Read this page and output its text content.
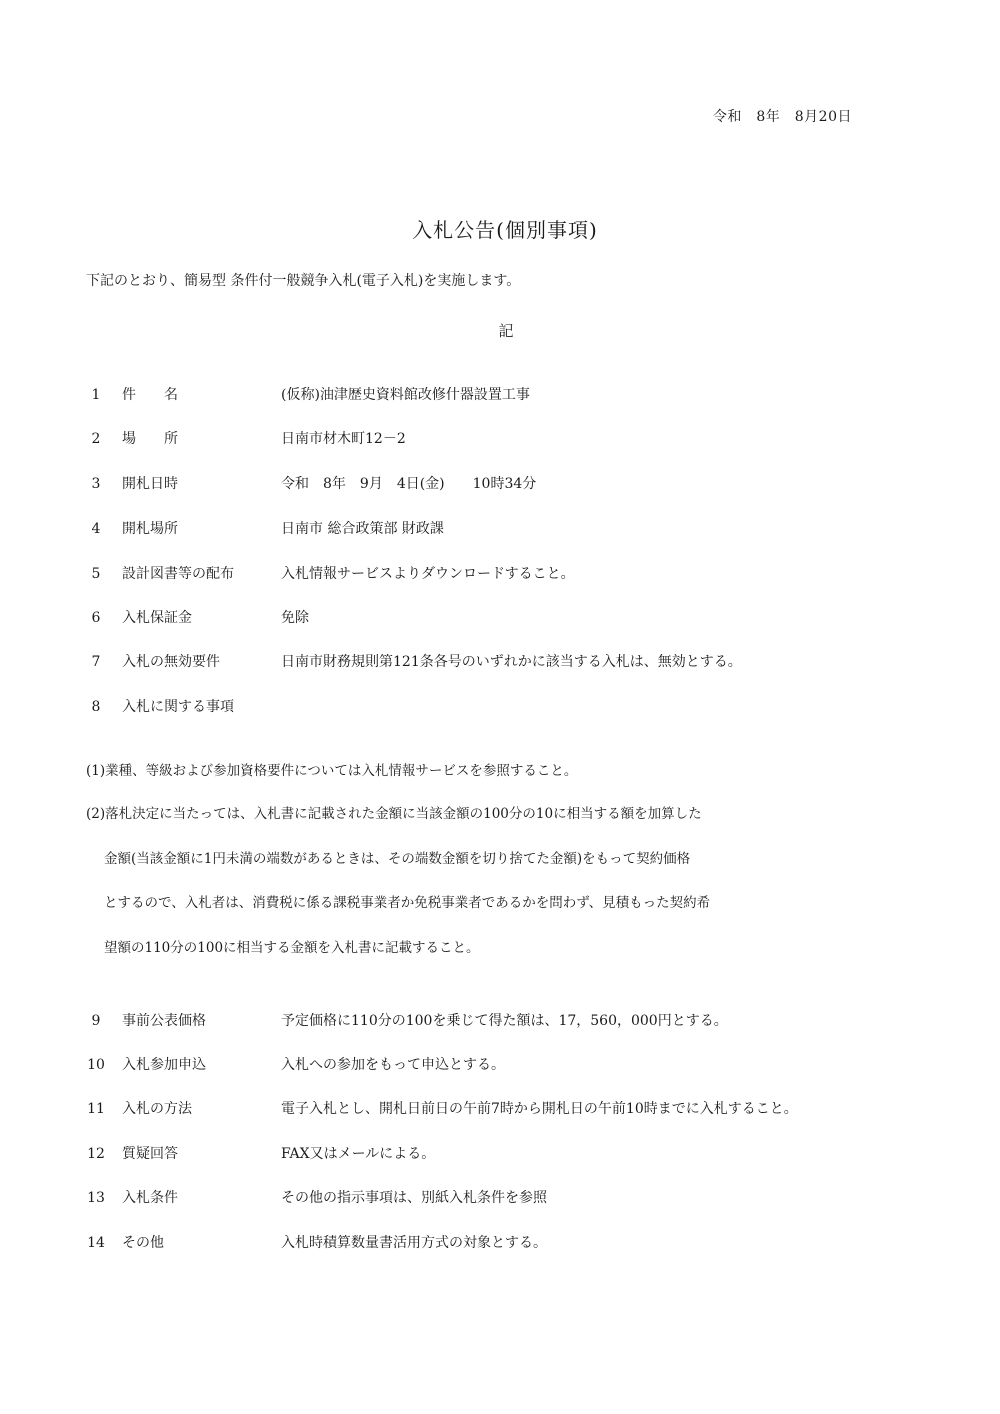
令和　8年　8月20日
入札公告(個別事項)
下記のとおり、簡易型 条件付一般競争入札(電子入札)を実施します。
記
1	件　　名	(仮称)油津歴史資料館改修什器設置工事
2	場　　所	日南市材木町12－2
3	開札日時	令和　8年　9月　4日(金)　　10時34分
4	開札場所	日南市 総合政策部 財政課
5	設計図書等の配布	入札情報サービスよりダウンロードすること。
6	入札保証金	免除
7	入札の無効要件	日南市財務規則第121条各号のいずれかに該当する入札は、無効とする。
8	入札に関する事項
(1)業種、等級および参加資格要件については入札情報サービスを参照すること。
(2)落札決定に当たっては、入札書に記載された金額に当該金額の100分の10に相当する額を加算した
金額(当該金額に1円未満の端数があるときは、その端数金額を切り捨てた金額)をもって契約価格
とするので、入札者は、消費税に係る課税事業者か免税事業者であるかを問わず、見積もった契約希
望額の110分の100に相当する金額を入札書に記載すること。
9	事前公表価格	予定価格に110分の100を乗じて得た額は、17，560，000円とする。
10 入札参加申込	入札への参加をもって申込とする。
11 入札の方法	電子入札とし、開札日前日の午前7時から開札日の午前10時までに入札すること。
12 質疑回答	FAX又はメールによる。
13 入札条件	その他の指示事項は、別紙入札条件を参照
14 その他	入札時積算数量書活用方式の対象とする。
